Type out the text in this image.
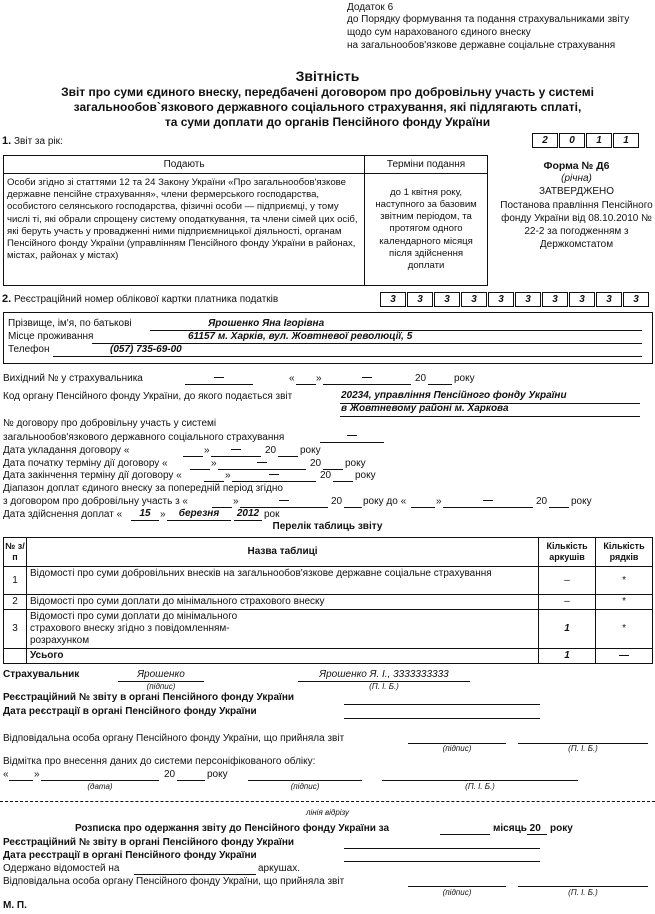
Додаток 6
до Порядку формування та подання страхувальниками звіту
щодо сум нарахованого єдиного внеску
на загальнообов'язкове державне соціальне страхування
Звітність
Звіт про суми єдиного внеску, передбачені договором про добровільну участь у системі
загальнообов`язкового державного соціального страхування, які підлягають сплаті,
та суми доплати до органів Пенсійного фонду України
1. Звіт за рік:	2	0	1	1
Подають	Терміни подання
Особи згідно зі статтями 12 та 24 Закону України «Про загальнообов'язкове державне пенсійне страхування», члени фермерського господарства, особистого селянського господарства, фізичні особи — підприємці, у тому числі ті, які обрали спрощену систему оподаткування, та члени сімей цих осіб, які беруть участь у провадженні ними підприємницької діяльності, органам Пенсійного фонду України (управлінням Пенсійного фонду України в районах, містах, районах у містах)	до 1 квітня року, наступного за базовим звітним періодом, та протягом одного календарного місяця після здійснення доплати
Форма № Д6
(річна)
ЗАТВЕРДЖЕНО
Постанова правління Пенсійного фонду України від 08.10.2010 № 22-2 за погодженням з Держкомстатом
2. Реєстраційний номер облікової картки платника податків	3	3	3	3	3	3	3	3	3	3
Прізвище, ім'я, по батькові	Ярошенко Яна Ігорівна
Місце проживання	61157 м. Харків, вул. Жовтневої революції, 5
Телефон	(057) 735-69-00
Вихідний № у страхувальника	—	« »	—	20	року
Код органу Пенсійного фонду України, до якого подається звіт	20234, управління Пенсійного фонду України
в Жовтневому районі м. Харкова
№ договору про добровільну участь у системі
загальнообов'язкового державного соціального страхування	—
Дата укладання договору «	»	—	20 року
Дата початку терміну дії договору «	»	—	20 року
Дата закінчення терміну дії договору «	»	—	20 року
Діапазон доплат єдиного внеску за попередній період згідно
з договором про добровільну участь з «	»	—	20 року до «	»	—	20 року
Дата здійснення доплат «	15 »	березня	2012 рок
Перелік таблиць звіту
№ з/п	Назва таблиці	Кількість аркушів	Кількість рядків
1	Відомості про суми добровільних внесків на загальнообов'язкове державне соціальне страхування	–	*
2	Відомості про суми доплати до мінімального страхового внеску	–	*
3	Відомості про суми доплати до мінімального страхового внеску згідно з повідомленням-розрахунком	1	*
	Усього	1	—
Страхувальник	Ярошенко
(підпис)
Ярошенко Я. І., 3333333333
(П. І. Б.)
Реєстраційний № звіту в органі Пенсійного фонду України
Дата реєстрації в органі Пенсійного фонду України
Відповідальна особа органу Пенсійного фонду України, що прийняла звіт
(підпис)	(П. І. Б.)
Відмітка про внесення даних до системи персоніфікованого обліку:
«	»	20	року
(дата)	(підпис)	(П. І. Б.)
лінія відрізу
Розписка про одержання звіту до Пенсійного фонду України за	місяць 20 року
Реєстраційний № звіту в органі Пенсійного фонду України
Дата реєстрації в органі Пенсійного фонду України
Одержано відомостей на	аркушах.
Відповідальна особа органу Пенсійного фонду України, що прийняла звіт
(підпис)	(П. І. Б.)
М. П.
